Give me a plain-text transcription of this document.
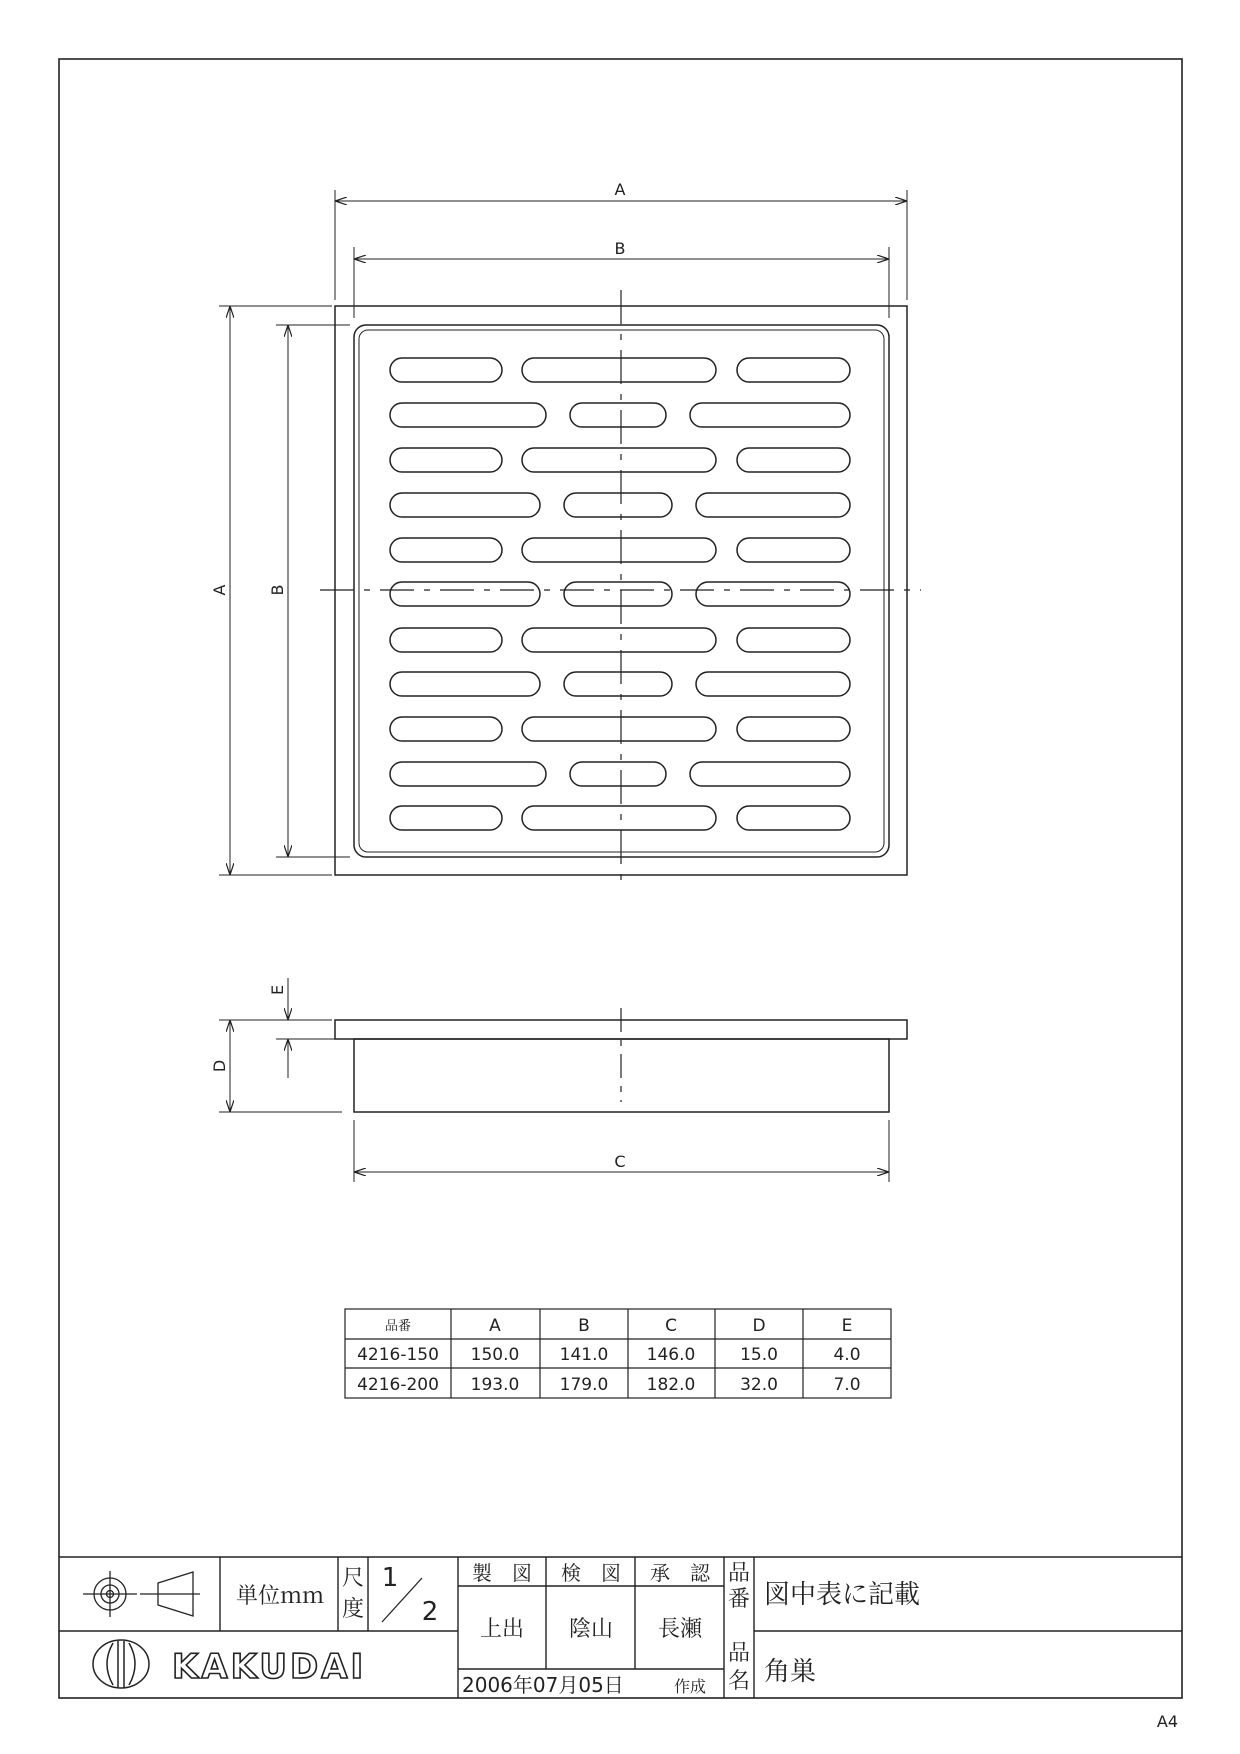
A
B
A B
D
E
C
品番	A	B	C	D	E
4216-150 150.0 141.0 146.0	15.0	4.0
4216-200 193.0 179.0 182.0	32.0	7.0
単位ｍｍ
尺
度
1
2
製　図 検　図 承　認
上出 陰山 長瀬
2006年07月05日	作成
品
番 図中表に記載
品
名 角巣
KAKUDAI
A4
